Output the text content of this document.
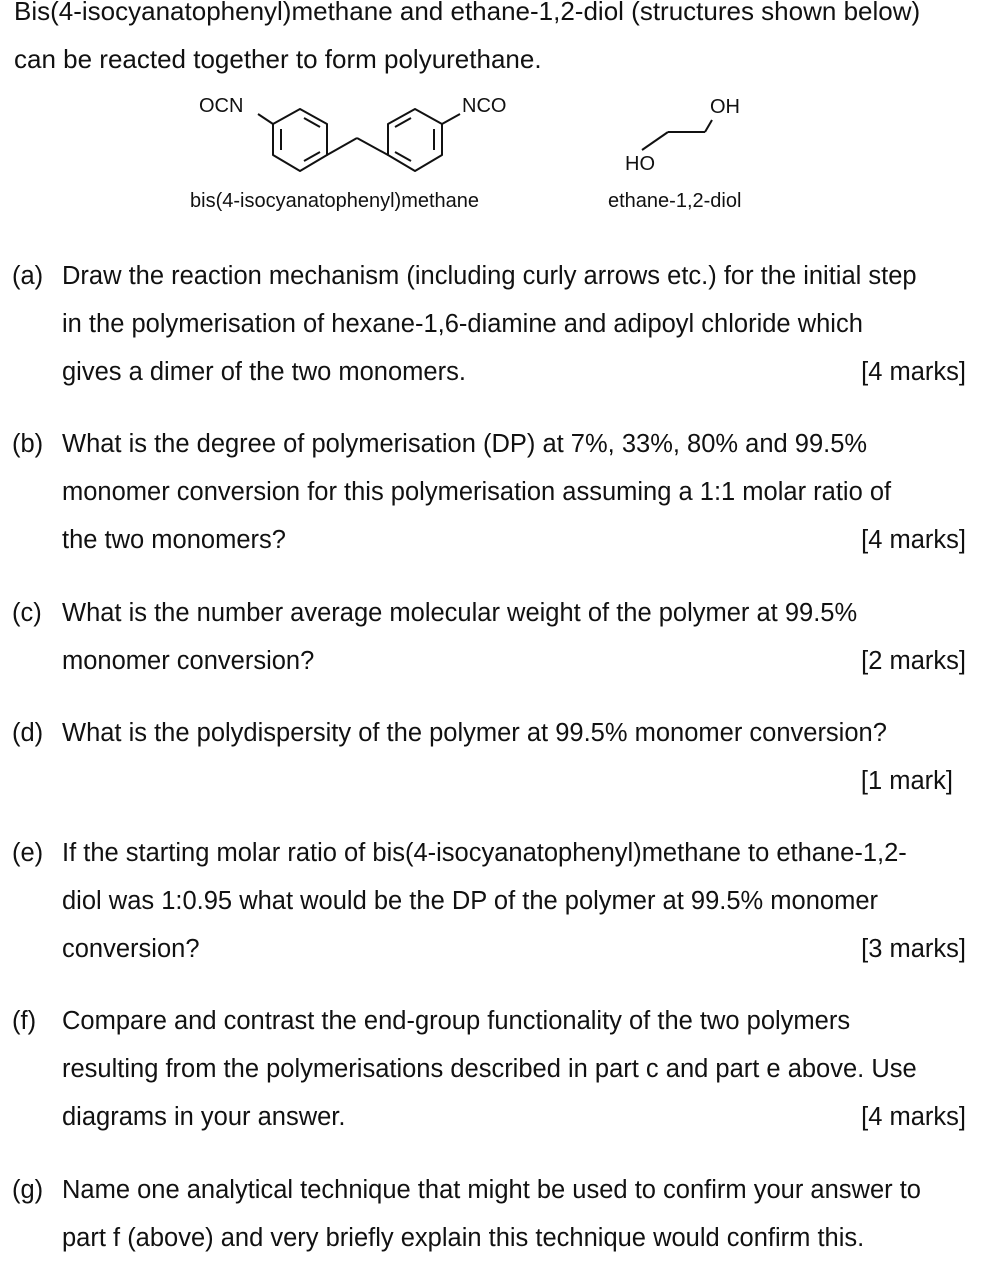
Bis(4-isocyanatophenyl)methane and ethane-1,2-diol (structures shown below)
can be reacted together to form polyurethane.
OCN	NCO	OH
HO
bis(4-isocyanatophenyl)methane	ethane-1,2-diol
(a) Draw the reaction mechanism (including curly arrows etc.) for the initial step
in the polymerisation of hexane-1,6-diamine and adipoyl chloride which
gives a dimer of the two monomers.	[4 marks]
(b) What is the degree of polymerisation (DP) at 7%, 33%, 80% and 99.5%
monomer conversion for this polymerisation assuming a 1:1 molar ratio of
the two monomers?	[4 marks]
(c) What is the number average molecular weight of the polymer at 99.5%
monomer conversion?	[2 marks]
(d) What is the polydispersity of the polymer at 99.5% monomer conversion?
[1 mark]
(e) If the starting molar ratio of bis(4-isocyanatophenyl)methane to ethane-1,2-
diol was 1:0.95 what would be the DP of the polymer at 99.5% monomer
conversion?	[3 marks]
(f) Compare and contrast the end-group functionality of the two polymers
resulting from the polymerisations described in part c and part e above. Use
diagrams in your answer.	[4 marks]
(g) Name one analytical technique that might be used to confirm your answer to
part f (above) and very briefly explain this technique would confirm this.
